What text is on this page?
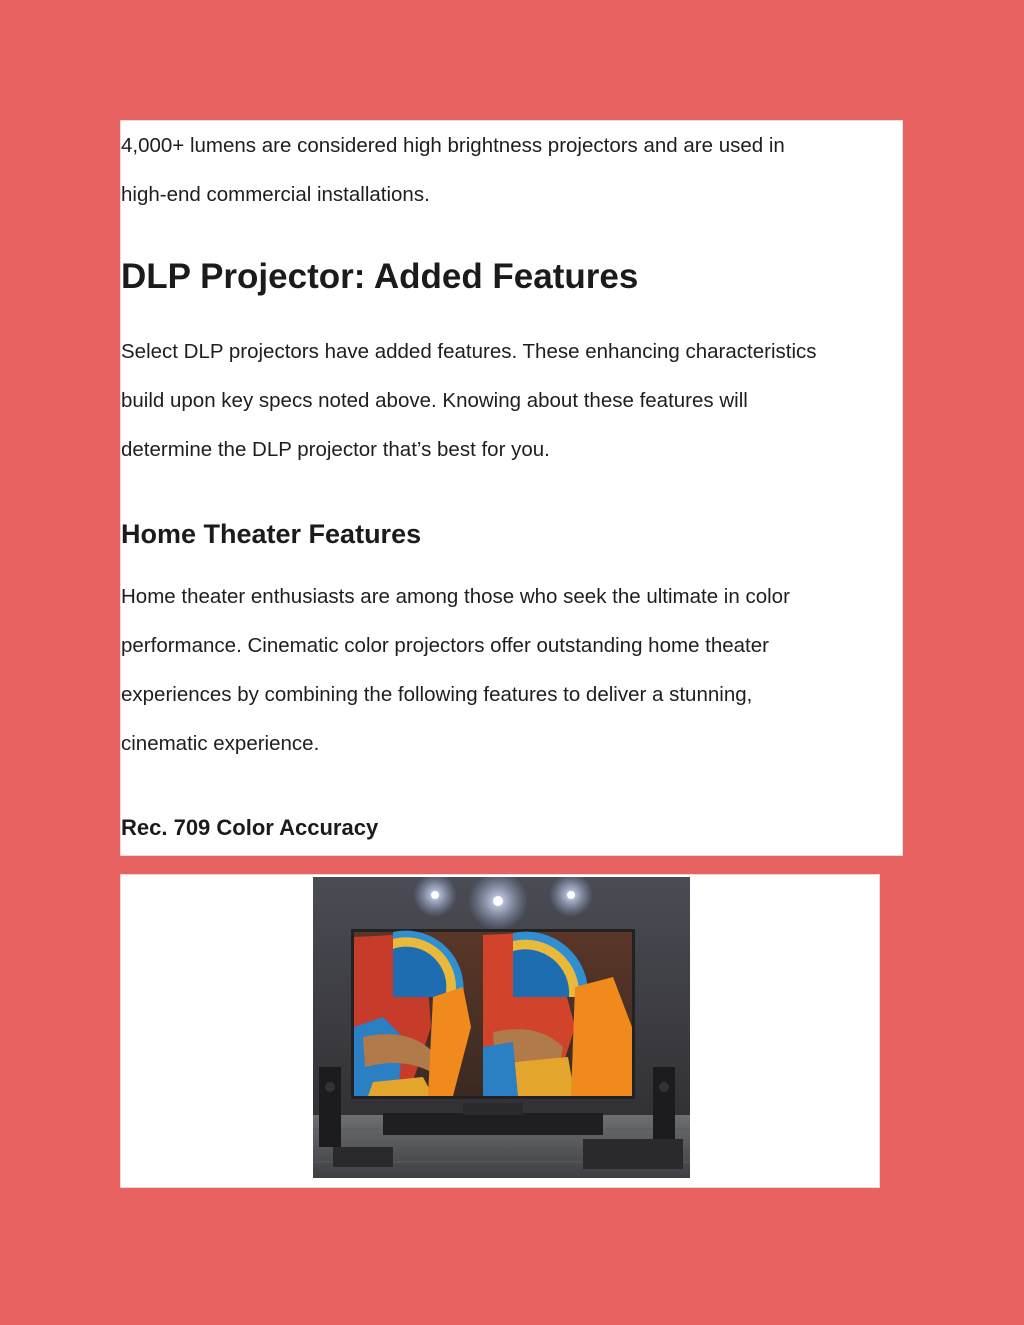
4,000+ lumens are considered high brightness projectors and are used in
high-end commercial installations.

DLP Projector: Added Features

Select DLP projectors have added features. These enhancing characteristics
build upon key specs noted above. Knowing about these features will
determine the DLP projector that’s best for you.

Home Theater Features

Home theater enthusiasts are among those who seek the ultimate in color
performance. Cinematic color projectors offer outstanding home theater
experiences by combining the following features to deliver a stunning,
cinematic experience.

Rec. 709 Color Accuracy
